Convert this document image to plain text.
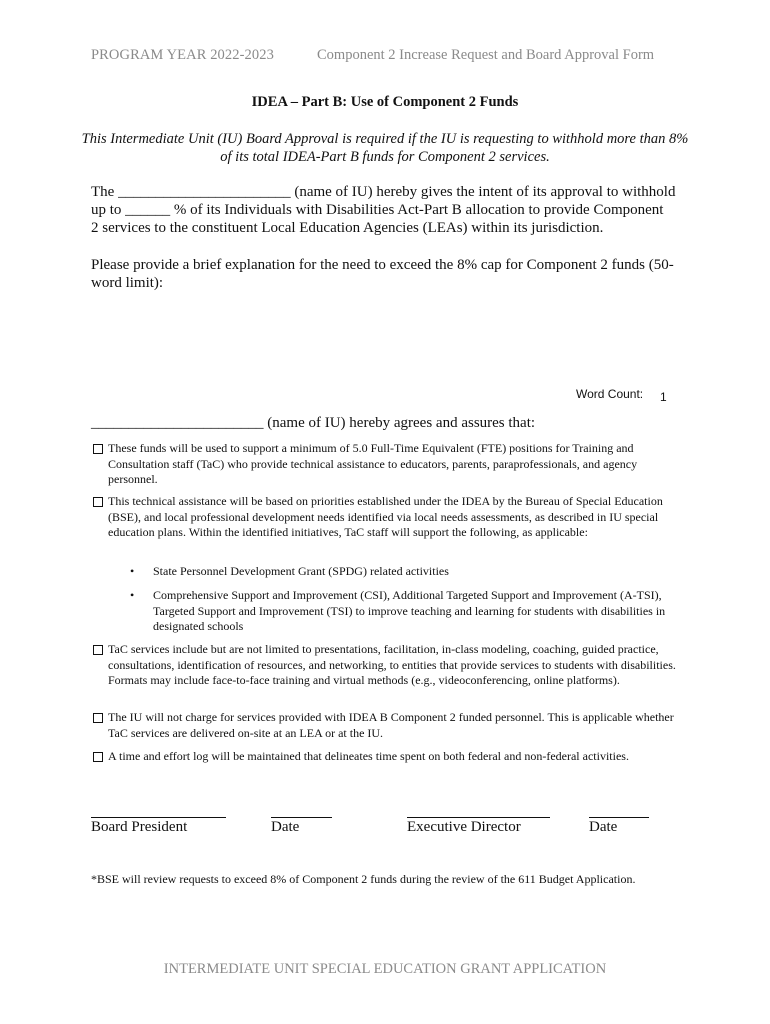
PROGRAM YEAR 2022-2023	Component 2 Increase Request and Board Approval Form
IDEA – Part B: Use of Component 2 Funds
This Intermediate Unit (IU) Board Approval is required if the IU is requesting to withhold more than 8% of its total IDEA-Part B funds for Component 2 services.
The _______________________ (name of IU) hereby gives the intent of its approval to withhold
up to ______ % of its Individuals with Disabilities Act-Part B allocation to provide Component
2 services to the constituent Local Education Agencies (LEAs) within its jurisdiction.
Please provide a brief explanation for the need to exceed the 8% cap for Component 2 funds (50-
word limit):
Word Count: 1
_______________________ (name of IU) hereby agrees and assures that:
These funds will be used to support a minimum of 5.0 Full-Time Equivalent (FTE) positions for Training and Consultation staff (TaC) who provide technical assistance to educators, parents, paraprofessionals, and agency personnel.
This technical assistance will be based on priorities established under the IDEA by the Bureau of Special Education (BSE), and local professional development needs identified via local needs assessments, as described in IU special education plans. Within the identified initiatives, TaC staff will support the following, as applicable:
• State Personnel Development Grant (SPDG) related activities
• Comprehensive Support and Improvement (CSI), Additional Targeted Support and Improvement (A-TSI), Targeted Support and Improvement (TSI) to improve teaching and learning for students with disabilities in designated schools
TaC services include but are not limited to presentations, facilitation, in-class modeling, coaching, guided practice, consultations, identification of resources, and networking, to entities that provide services to students with disabilities. Formats may include face-to-face training and virtual methods (e.g., videoconferencing, online platforms).
The IU will not charge for services provided with IDEA B Component 2 funded personnel. This is applicable whether TaC services are delivered on-site at an LEA or at the IU.
A time and effort log will be maintained that delineates time spent on both federal and non-federal activities.
Board President	Date	Executive Director	Date
*BSE will review requests to exceed 8% of Component 2 funds during the review of the 611 Budget Application.
INTERMEDIATE UNIT SPECIAL EDUCATION GRANT APPLICATION
